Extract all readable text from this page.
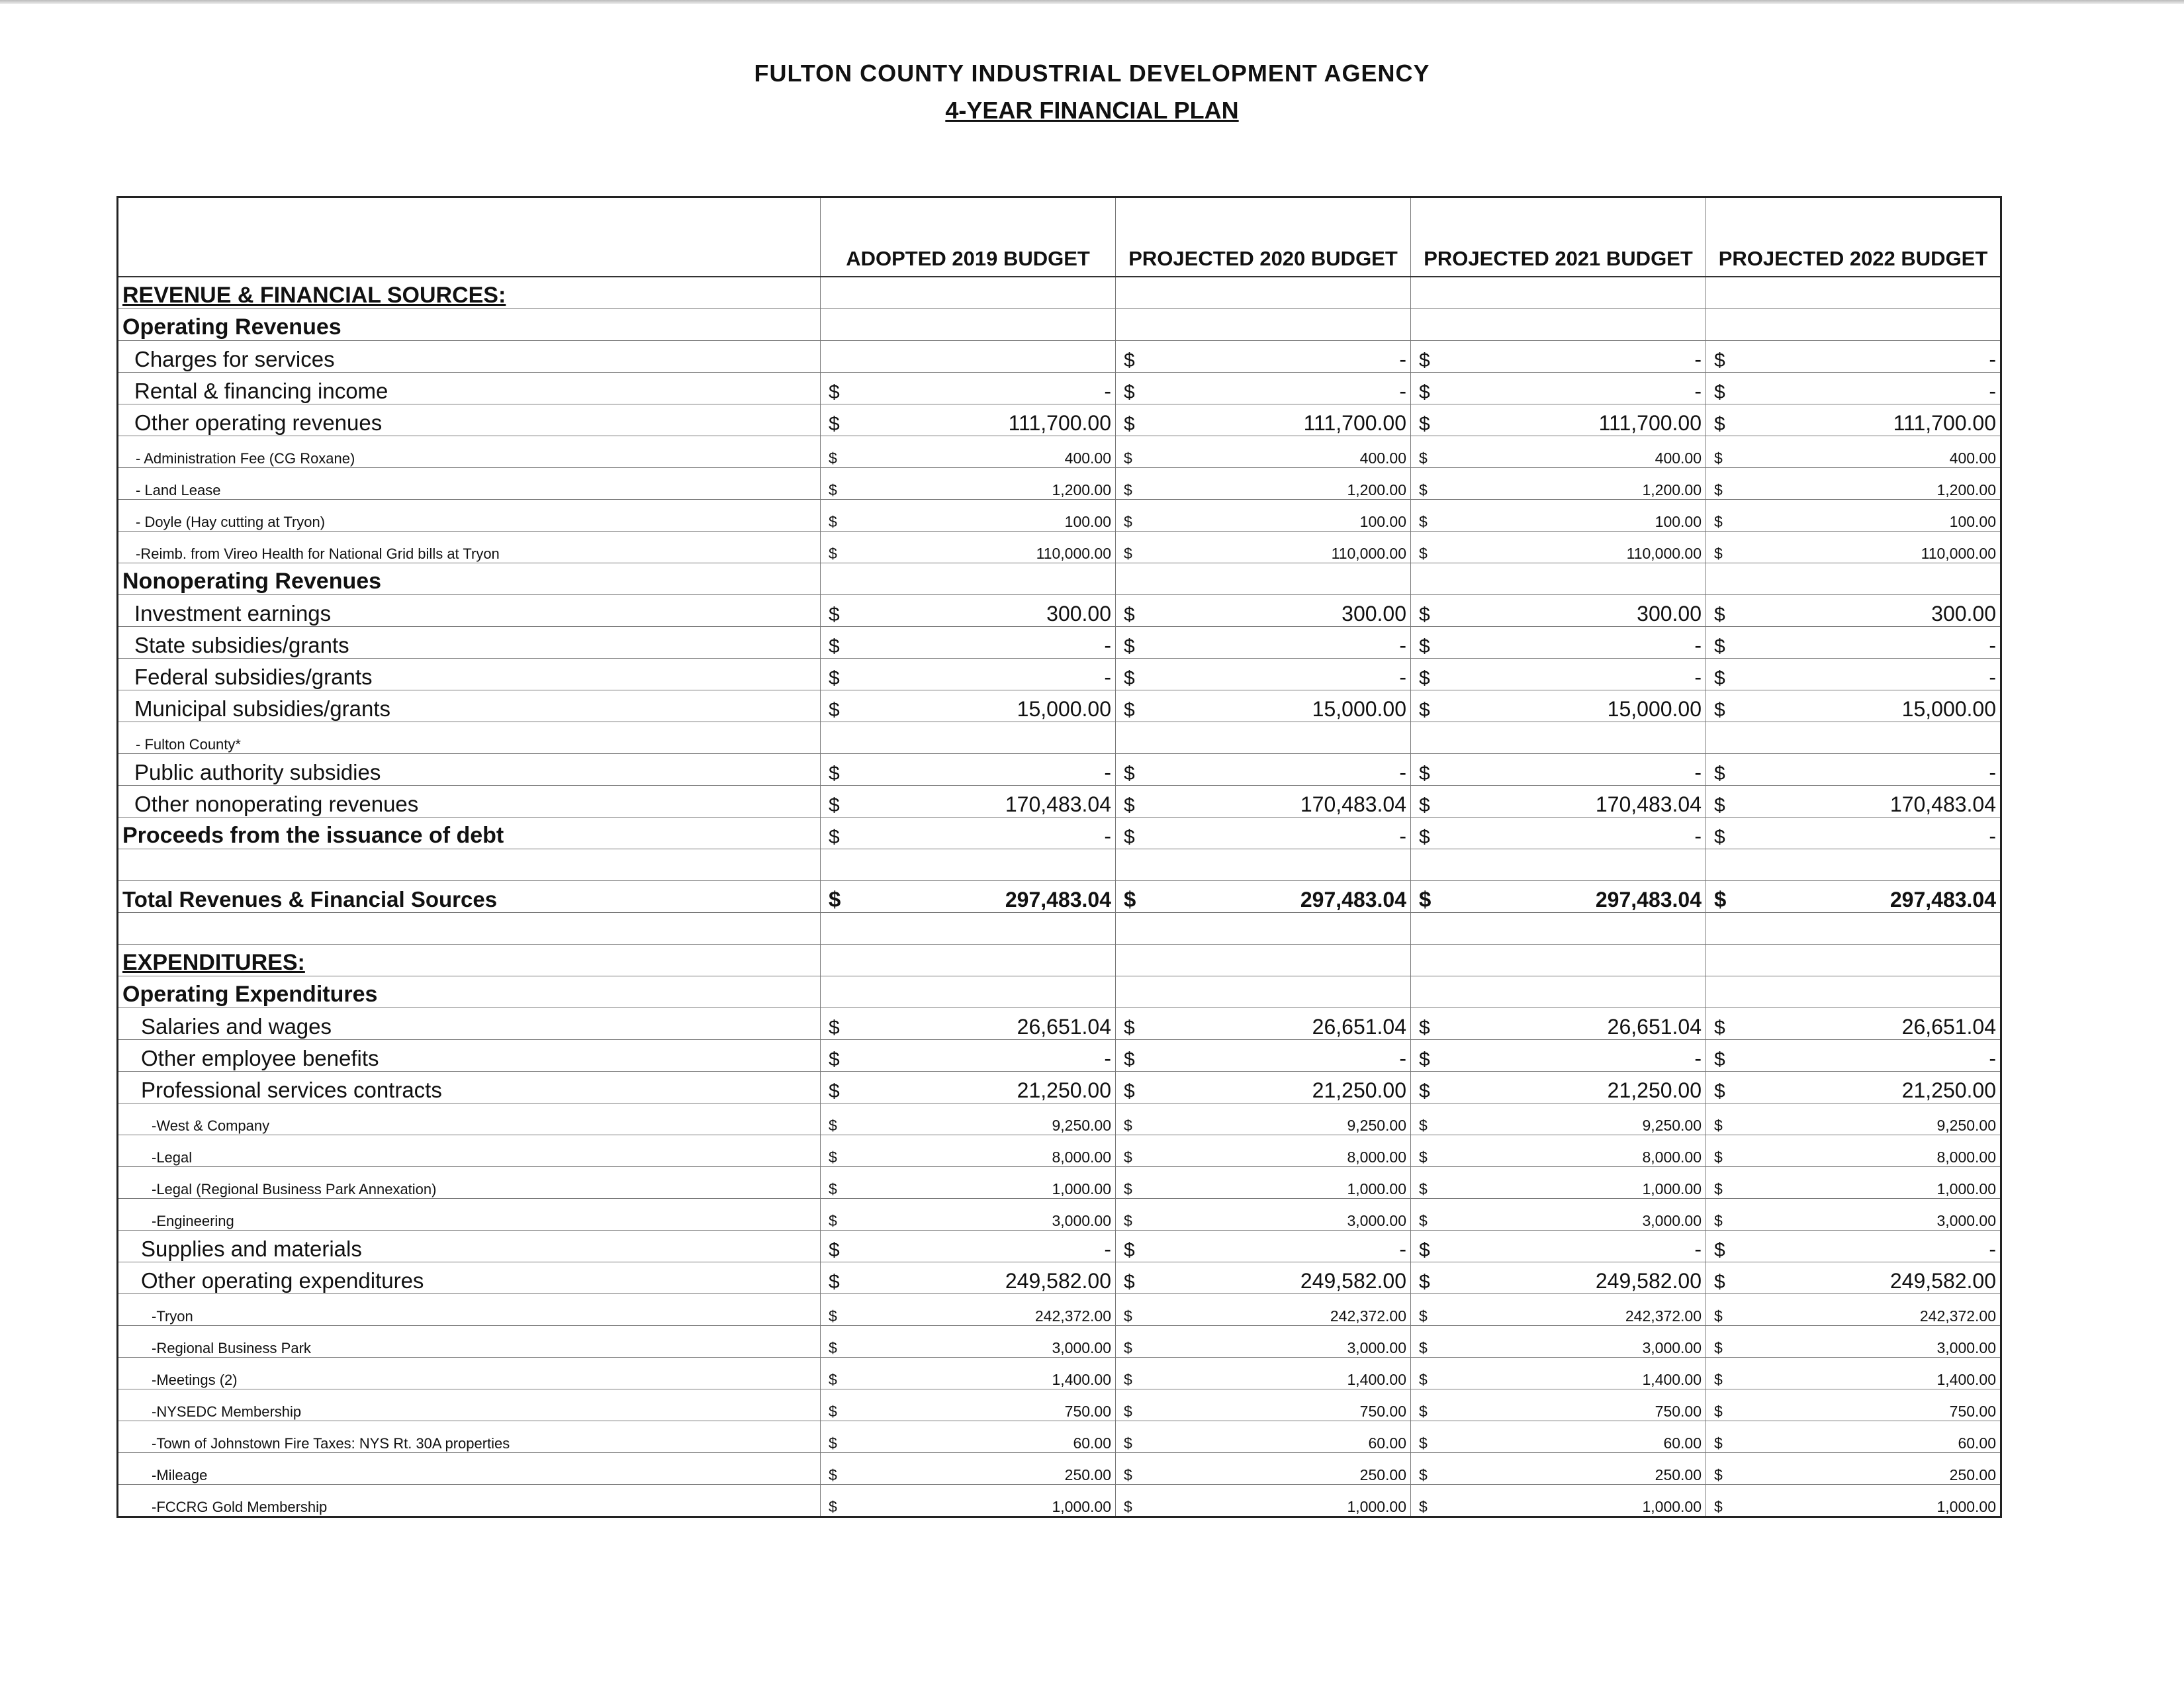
FULTON COUNTY INDUSTRIAL DEVELOPMENT AGENCY
4-YEAR FINANCIAL PLAN
	ADOPTED 2019 BUDGET		PROJECTED 2020 BUDGET		PROJECTED 2021 BUDGET		PROJECTED 2022 BUDGET	
REVENUE & FINANCIAL SOURCES:								
Operating Revenues								
Charges for services			$	-	$	-	$	-
Rental & financing income	$	-	$	-	$	-	$	-
Other operating revenues	$	111,700.00	$	111,700.00	$	111,700.00	$	111,700.00
- Administration Fee (CG Roxane)	$	400.00	$	400.00	$	400.00	$	400.00
- Land Lease	$	1,200.00	$	1,200.00	$	1,200.00	$	1,200.00
- Doyle (Hay cutting at Tryon)	$	100.00	$	100.00	$	100.00	$	100.00
-Reimb. from Vireo Health for National Grid bills at Tryon	$	110,000.00	$	110,000.00	$	110,000.00	$	110,000.00
Nonoperating Revenues								
Investment earnings	$	300.00	$	300.00	$	300.00	$	300.00
State subsidies/grants	$	-	$	-	$	-	$	-
Federal subsidies/grants	$	-	$	-	$	-	$	-
Municipal subsidies/grants	$	15,000.00	$	15,000.00	$	15,000.00	$	15,000.00
- Fulton County*								
Public authority subsidies	$	-	$	-	$	-	$	-
Other nonoperating revenues	$	170,483.04	$	170,483.04	$	170,483.04	$	170,483.04
Proceeds from the issuance of debt	$	-	$	-	$	-	$	-

Total Revenues & Financial Sources	$	297,483.04	$	297,483.04	$	297,483.04	$	297,483.04

EXPENDITURES:								
Operating Expenditures								
Salaries and wages	$	26,651.04	$	26,651.04	$	26,651.04	$	26,651.04
Other employee benefits	$	-	$	-	$	-	$	-
Professional services contracts	$	21,250.00	$	21,250.00	$	21,250.00	$	21,250.00
-West & Company	$	9,250.00	$	9,250.00	$	9,250.00	$	9,250.00
-Legal	$	8,000.00	$	8,000.00	$	8,000.00	$	8,000.00
-Legal (Regional Business Park Annexation)	$	1,000.00	$	1,000.00	$	1,000.00	$	1,000.00
-Engineering	$	3,000.00	$	3,000.00	$	3,000.00	$	3,000.00
Supplies and materials	$	-	$	-	$	-	$	-
Other operating expenditures	$	249,582.00	$	249,582.00	$	249,582.00	$	249,582.00
-Tryon	$	242,372.00	$	242,372.00	$	242,372.00	$	242,372.00
-Regional Business Park	$	3,000.00	$	3,000.00	$	3,000.00	$	3,000.00
-Meetings (2)	$	1,400.00	$	1,400.00	$	1,400.00	$	1,400.00
-NYSEDC Membership	$	750.00	$	750.00	$	750.00	$	750.00
-Town of Johnstown Fire Taxes: NYS Rt. 30A properties	$	60.00	$	60.00	$	60.00	$	60.00
-Mileage	$	250.00	$	250.00	$	250.00	$	250.00
-FCCRG Gold Membership	$	1,000.00	$	1,000.00	$	1,000.00	$	1,000.00
